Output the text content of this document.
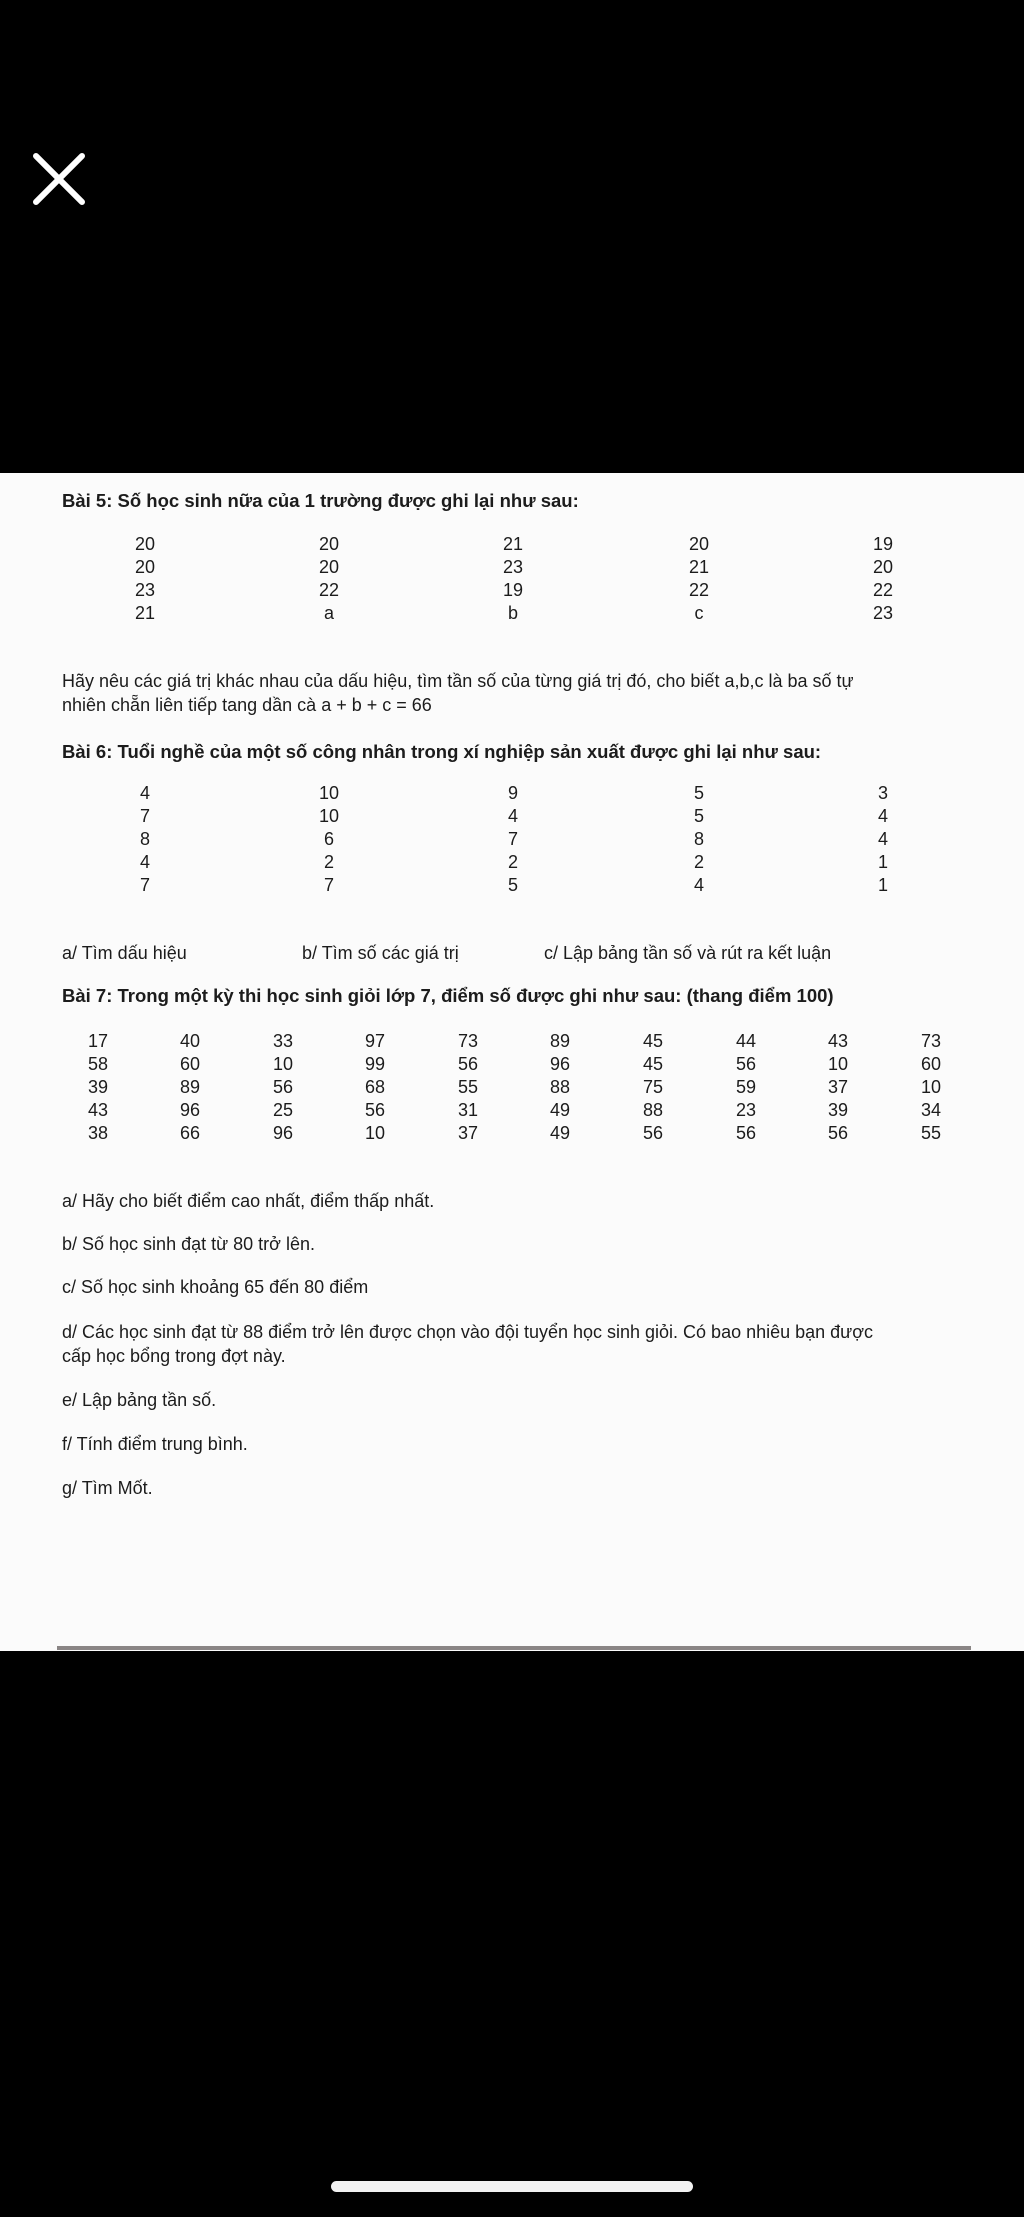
Bài 5: Số học sinh nữa của 1 trường được ghi lại như sau:
20	20	21	20	19
20	20	23	21	20
23	22	19	22	22
21	a	b	c	23
Hãy nêu các giá trị khác nhau của dấu hiệu, tìm tần số của từng giá trị đó, cho biết a,b,c là ba số tự
nhiên chẵn liên tiếp tang dần cà a + b + c = 66
Bài 6: Tuổi nghề của một số công nhân trong xí nghiệp sản xuất được ghi lại như sau:
4	10	9	5	3
7	10	4	5	4
8	6	7	8	4
4	2	2	2	1
7	7	5	4	1
a/ Tìm dấu hiệu	b/ Tìm số các giá trị	c/ Lập bảng tần số và rút ra kết luận
Bài 7: Trong một kỳ thi học sinh giỏi lớp 7, điểm số được ghi như sau: (thang điểm 100)
17	40	33	97	73	89	45	44	43	73
58	60	10	99	56	96	45	56	10	60
39	89	56	68	55	88	75	59	37	10
43	96	25	56	31	49	88	23	39	34
38	66	96	10	37	49	56	56	56	55
a/ Hãy cho biết điểm cao nhất, điểm thấp nhất.
b/ Số học sinh đạt từ 80 trở lên.
c/ Số học sinh khoảng 65 đến 80 điểm
d/ Các học sinh đạt từ 88 điểm trở lên được chọn vào đội tuyển học sinh giỏi. Có bao nhiêu bạn được
cấp học bổng trong đợt này.
e/ Lập bảng tần số.
f/ Tính điểm trung bình.
g/ Tìm Mốt.
